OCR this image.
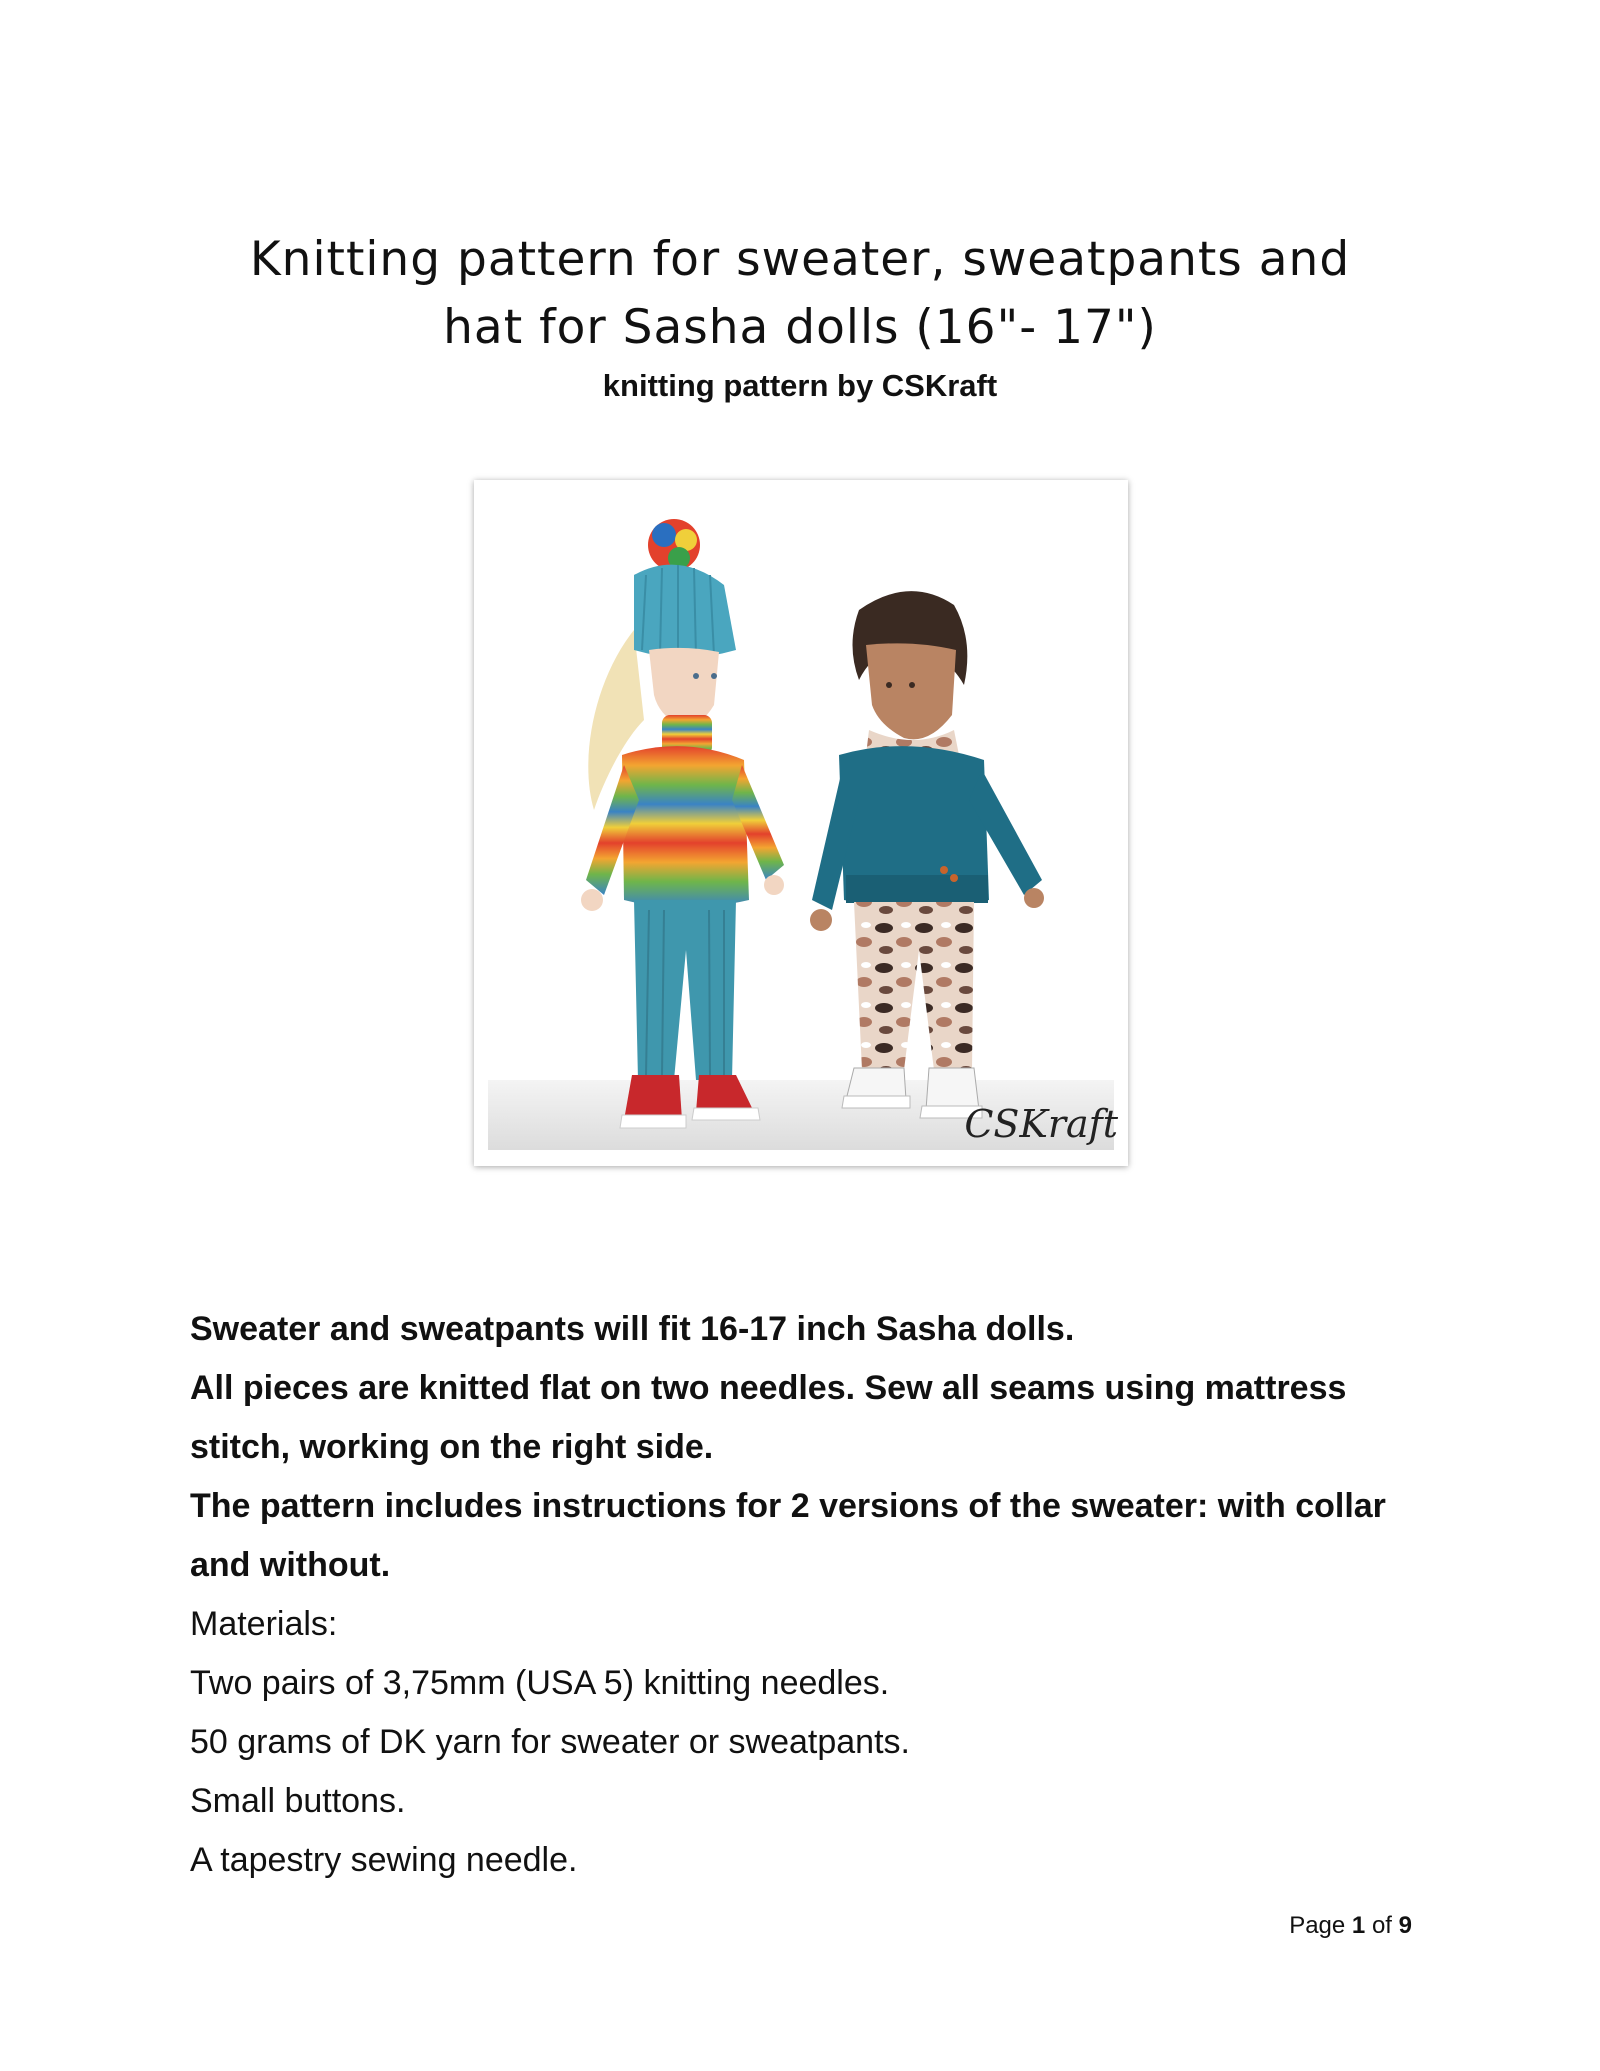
Knitting pattern for sweater, sweatpants and
hat for Sasha dolls (16"- 17")
knitting pattern by CSKraft
CSKraft

Sweater and sweatpants will fit 16-17 inch Sasha dolls.

All pieces are knitted flat on two needles. Sew all seams using mattress stitch, working on the right side.

The pattern includes instructions for 2 versions of the sweater: with collar and without.

Materials:

Two pairs of 3,75mm (USA 5) knitting needles.

50 grams of DK yarn for sweater or sweatpants.

Small buttons.

A tapestry sewing needle.

Page 1 of 9
